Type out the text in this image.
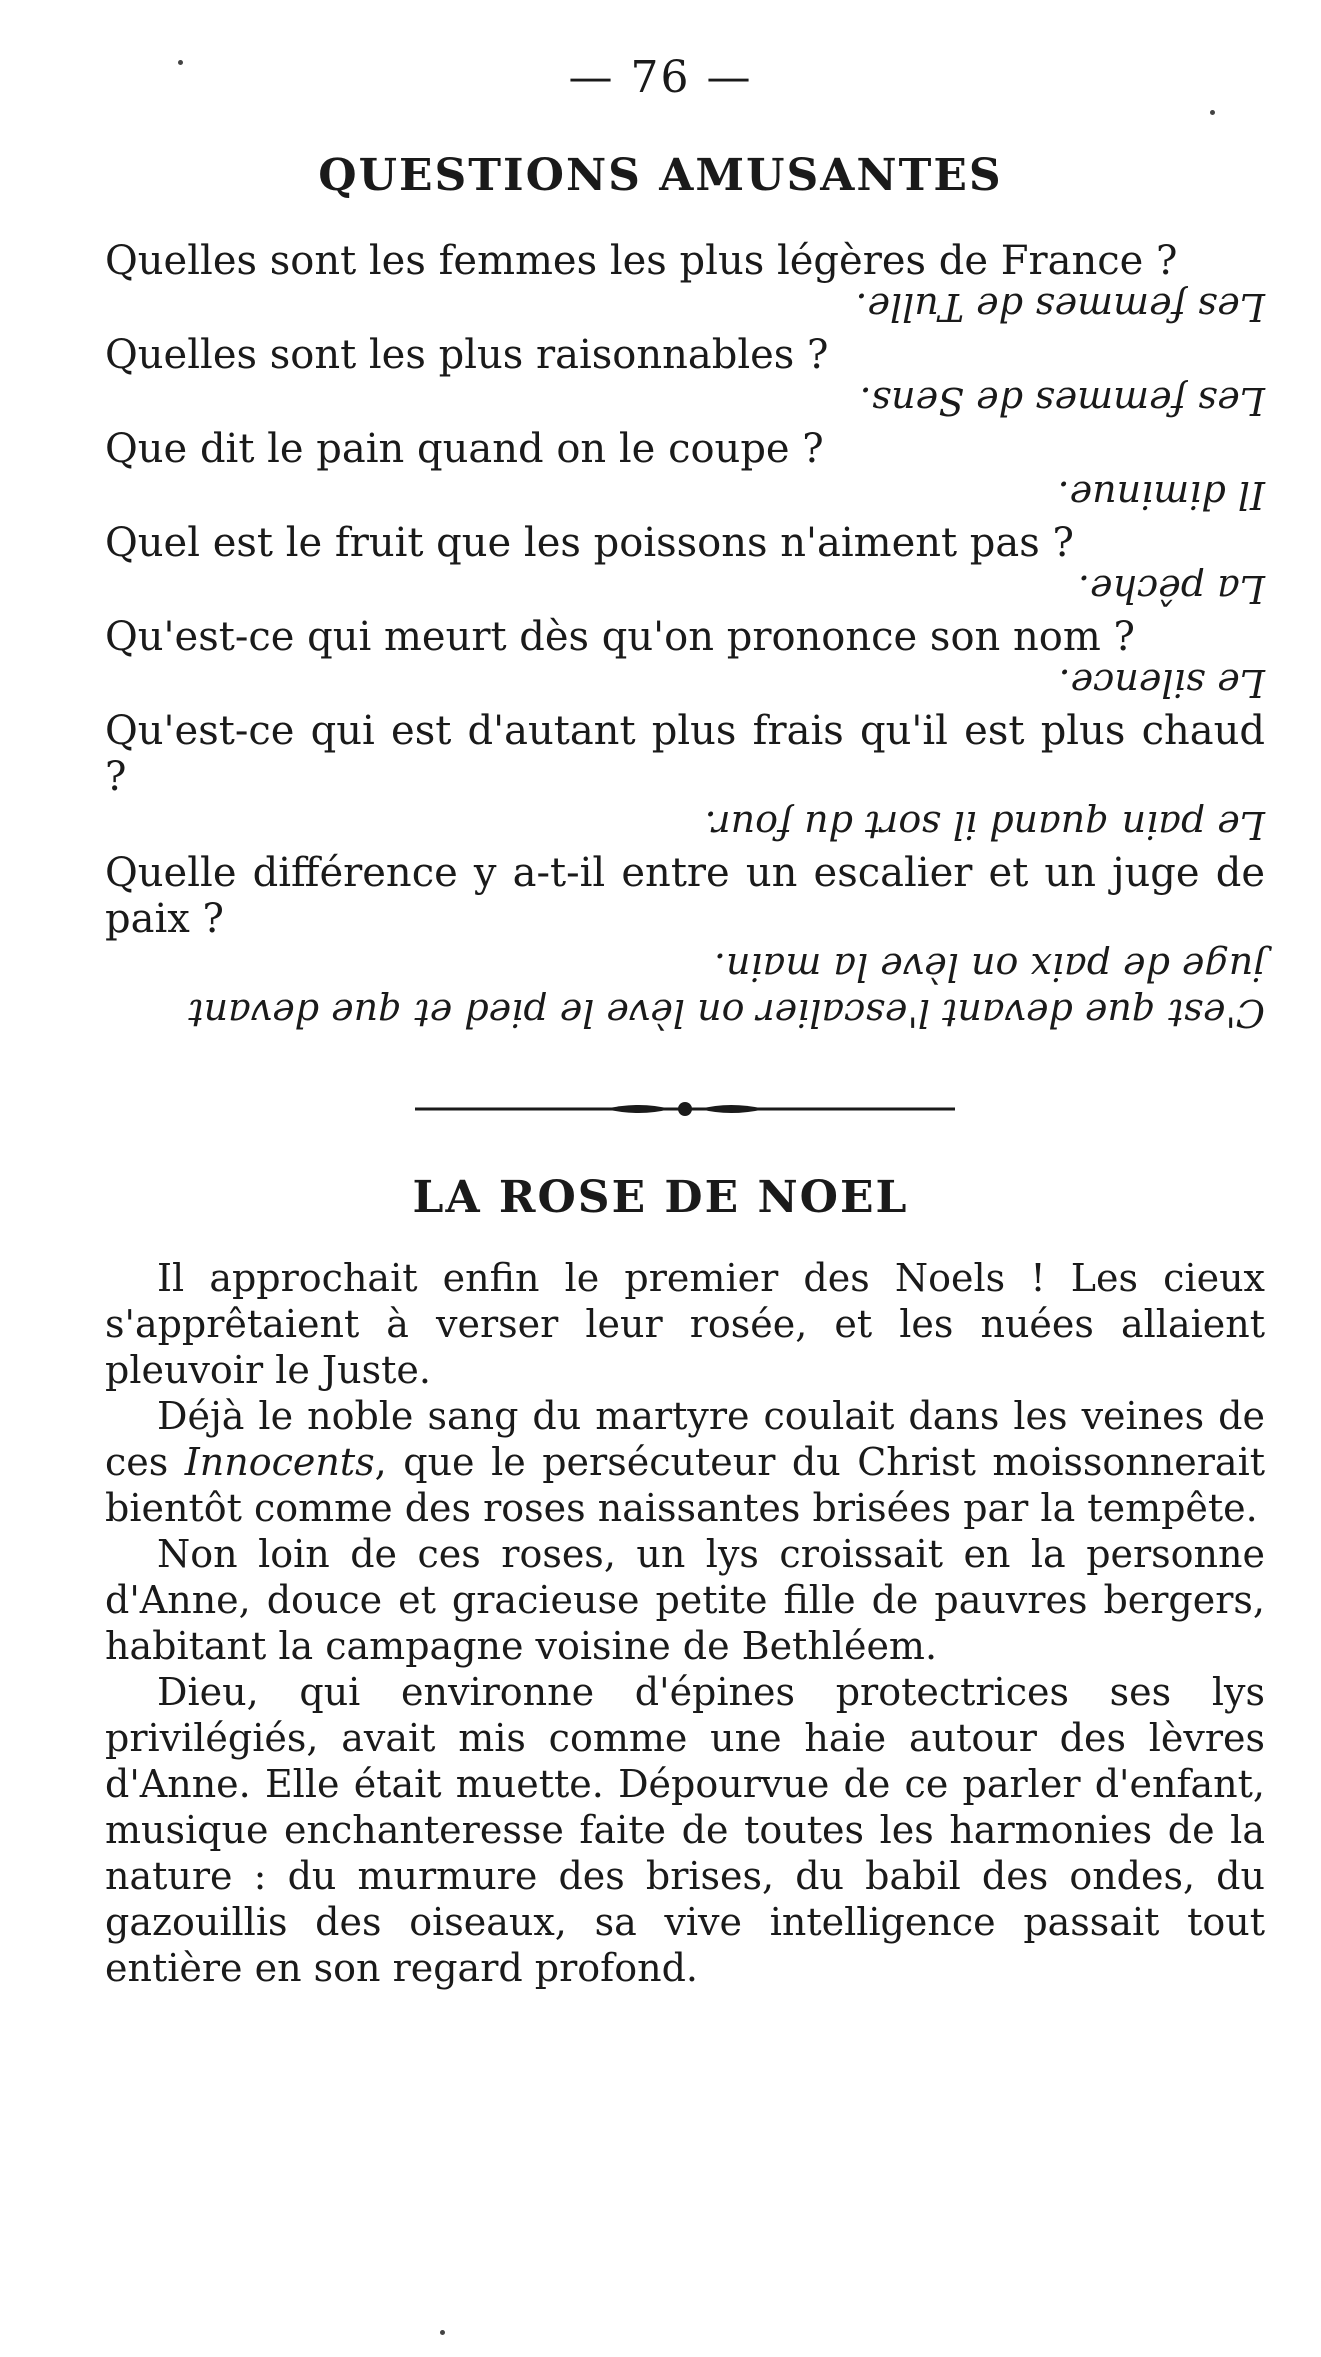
— 76 —
QUESTIONS AMUSANTES

Quelles sont les femmes les plus légères de France ?

Les femmes de Tulle.

Quelles sont les plus raisonnables ?

Les femmes de Sens.

Que dit le pain quand on le coupe ?

Il diminue.

Quel est le fruit que les poissons n'aiment pas ?

La pêche.

Qu'est-ce qui meurt dès qu'on prononce son nom ?

Le silence.

Qu'est-ce qui est d'autant plus frais qu'il est plus chaud ?

Le pain quand il sort du four.

Quelle différence y a-t-il entre un escalier et un juge de paix ?

C'est que devant l'escalier on lève le pied et que devant juge de paix on lève la main.

LA ROSE DE NOEL

Il approchait enfin le premier des Noels ! Les cieux s'apprêtaient à verser leur rosée, et les nuées allaient pleuvoir le Juste.

Déjà le noble sang du martyre coulait dans les veines de ces Innocents, que le persécuteur du Christ moissonnerait bientôt comme des roses naissantes brisées par la tempête.

Non loin de ces roses, un lys croissait en la personne d'Anne, douce et gracieuse petite fille de pauvres bergers, habitant la campagne voisine de Bethléem.

Dieu, qui environne d'épines protectrices ses lys privilégiés, avait mis comme une haie autour des lèvres d'Anne. Elle était muette. Dépourvue de ce parler d'enfant, musique enchanteresse faite de toutes les harmonies de la nature : du murmure des brises, du babil des ondes, du gazouillis des oiseaux, sa vive intelligence passait tout entière en son regard profond.
